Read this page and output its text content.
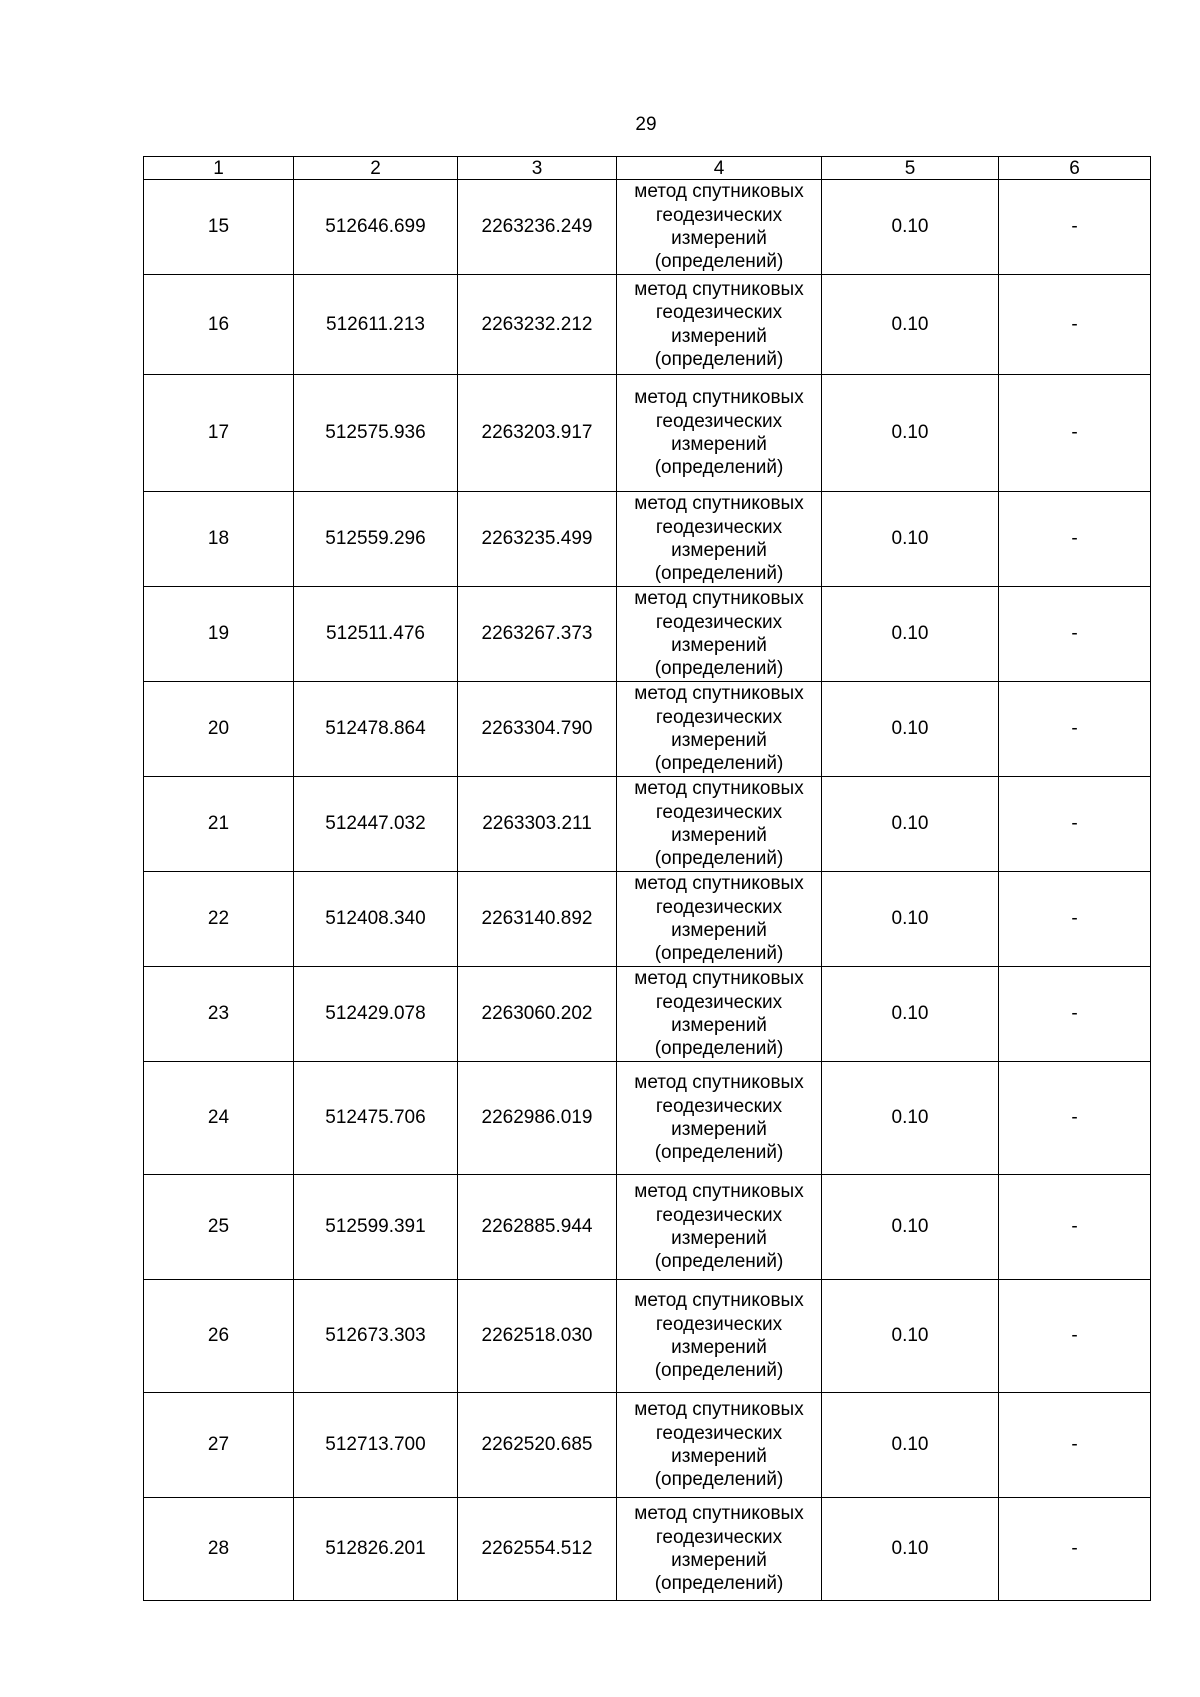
29
1	2	3	4	5	6
15	512646.699	2263236.249	метод спутниковых
геодезических
измерений
(определений)	0.10	-
16	512611.213	2263232.212	метод спутниковых
геодезических
измерений
(определений)	0.10	-
17	512575.936	2263203.917	метод спутниковых
геодезических
измерений
(определений)	0.10	-
18	512559.296	2263235.499	метод спутниковых
геодезических
измерений
(определений)	0.10	-
19	512511.476	2263267.373	метод спутниковых
геодезических
измерений
(определений)	0.10	-
20	512478.864	2263304.790	метод спутниковых
геодезических
измерений
(определений)	0.10	-
21	512447.032	2263303.211	метод спутниковых
геодезических
измерений
(определений)	0.10	-
22	512408.340	2263140.892	метод спутниковых
геодезических
измерений
(определений)	0.10	-
23	512429.078	2263060.202	метод спутниковых
геодезических
измерений
(определений)	0.10	-
24	512475.706	2262986.019	метод спутниковых
геодезических
измерений
(определений)	0.10	-
25	512599.391	2262885.944	метод спутниковых
геодезических
измерений
(определений)	0.10	-
26	512673.303	2262518.030	метод спутниковых
геодезических
измерений
(определений)	0.10	-
27	512713.700	2262520.685	метод спутниковых
геодезических
измерений
(определений)	0.10	-
28	512826.201	2262554.512	метод спутниковых
геодезических
измерений
(определений)	0.10	-
